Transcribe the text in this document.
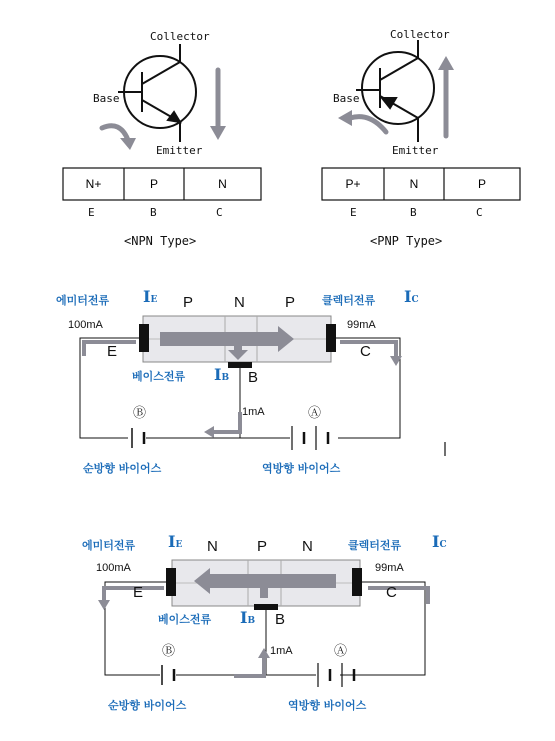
Collector
Base
Emitter
N+	P	N
E	B	C
<NPN Type>
Collector
Base
Emitter
P+	N	P
E	B	C
<PNP Type>
에미터전류 IE P	N	P 클렉터전류 IC
100mA	99mA
E	C
베이스전류 IB B
1mA
Ⓑ	Ⓐ
순방향 바이어스	역방향 바이어스
에미터전류 IE N	P N	클렉터전류 IC
100mA	99mA
E	C
베이스전류 IB B
1mA
Ⓑ	Ⓐ
순방향 바이어스	역방향 바이어스
